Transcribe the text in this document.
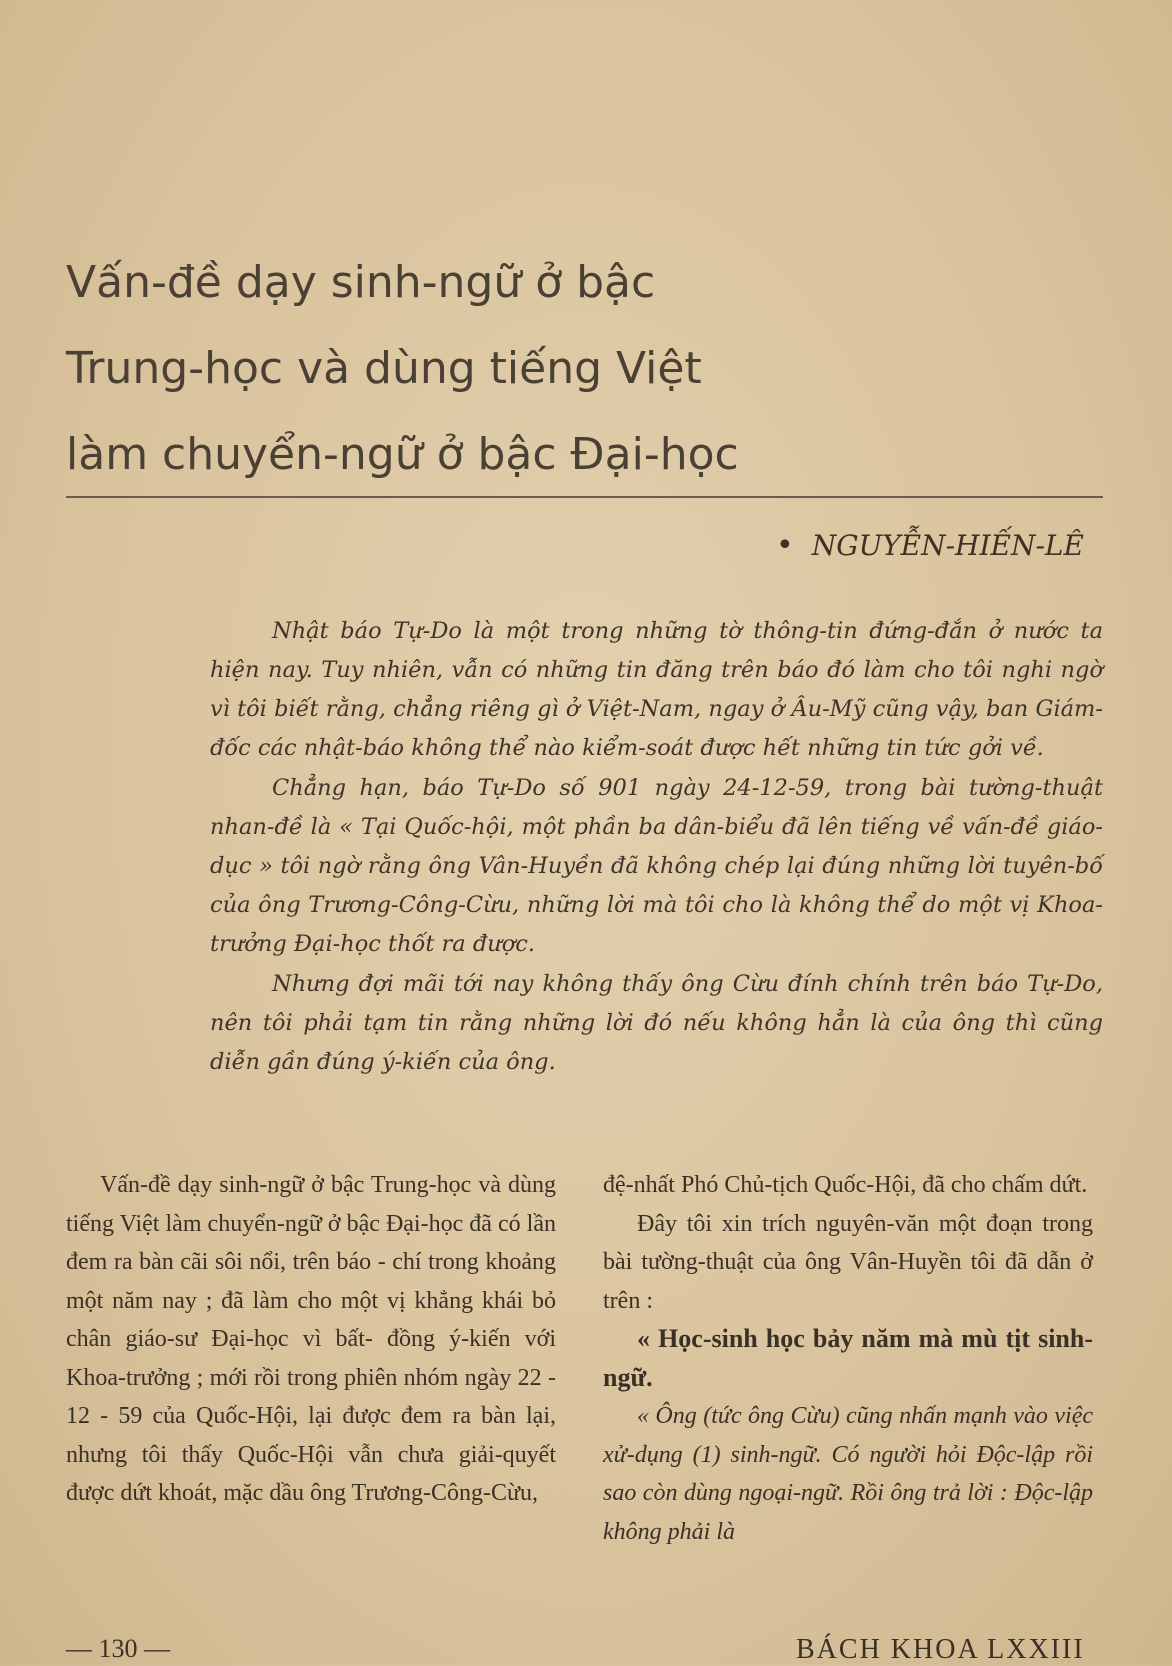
Vấn-đề dạy sinh-ngữ ở bậc
Trung-học và dùng tiếng Việt
làm chuyển-ngữ ở bậc Đại-học
• NGUYỄN-HIẾN-LÊ

Nhật báo Tự-Do là một trong những tờ thông-tin đứng-đắn ở nước ta hiện nay. Tuy nhiên, vẫn có những tin đăng trên báo đó làm cho tôi nghi ngờ vì tôi biết rằng, chẳng riêng gì ở Việt-Nam, ngay ở Âu-Mỹ cũng vậy, ban Giám-đốc các nhật-báo không thể nào kiểm-soát được hết những tin tức gởi về.

Chẳng hạn, báo Tự-Do số 901 ngày 24-12-59, trong bài tường-thuật nhan-đề là « Tại Quốc-hội, một phần ba dân-biểu đã lên tiếng về vấn-đề giáo-dục » tôi ngờ rằng ông Vân-Huyền đã không chép lại đúng những lời tuyên-bố của ông Trương-Công-Cừu, những lời mà tôi cho là không thể do một vị Khoa-trưởng Đại-học thốt ra được.

Nhưng đợi mãi tới nay không thấy ông Cừu đính chính trên báo Tự-Do, nên tôi phải tạm tin rằng những lời đó nếu không hẳn là của ông thì cũng diễn gần đúng ý-kiến của ông.

Vấn-đề dạy sinh-ngữ ở bậc Trung-học và dùng tiếng Việt làm chuyển-ngữ ở bậc Đại-học đã có lần đem ra bàn cãi sôi nổi, trên báo - chí trong khoảng một năm nay ; đã làm cho một vị khẳng khái bỏ chân giáo-sư Đại-học vì bất- đồng ý-kiến với Khoa-trưởng ; mới rồi trong phiên nhóm ngày 22 - 12 - 59 của Quốc-Hội, lại được đem ra bàn lại, nhưng tôi thấy Quốc-Hội vẫn chưa giải-quyết được dứt khoát, mặc dầu ông Trương-Công-Cừu,

đệ-nhất Phó Chủ-tịch Quốc-Hội, đã cho chấm dứt.

Đây tôi xin trích nguyên-văn một đoạn trong bài tường-thuật của ông Vân-Huyền tôi đã dẫn ở trên :

« Học-sinh học bảy năm mà mù tịt sinh-ngữ.

« Ông (tức ông Cừu) cũng nhấn mạnh vào việc xử-dụng (1) sinh-ngữ. Có người hỏi Độc-lập rồi sao còn dùng ngoại-ngữ. Rồi ông trả lời : Độc-lập không phải là

— 130 —	BÁCH KHOA LXXIII
